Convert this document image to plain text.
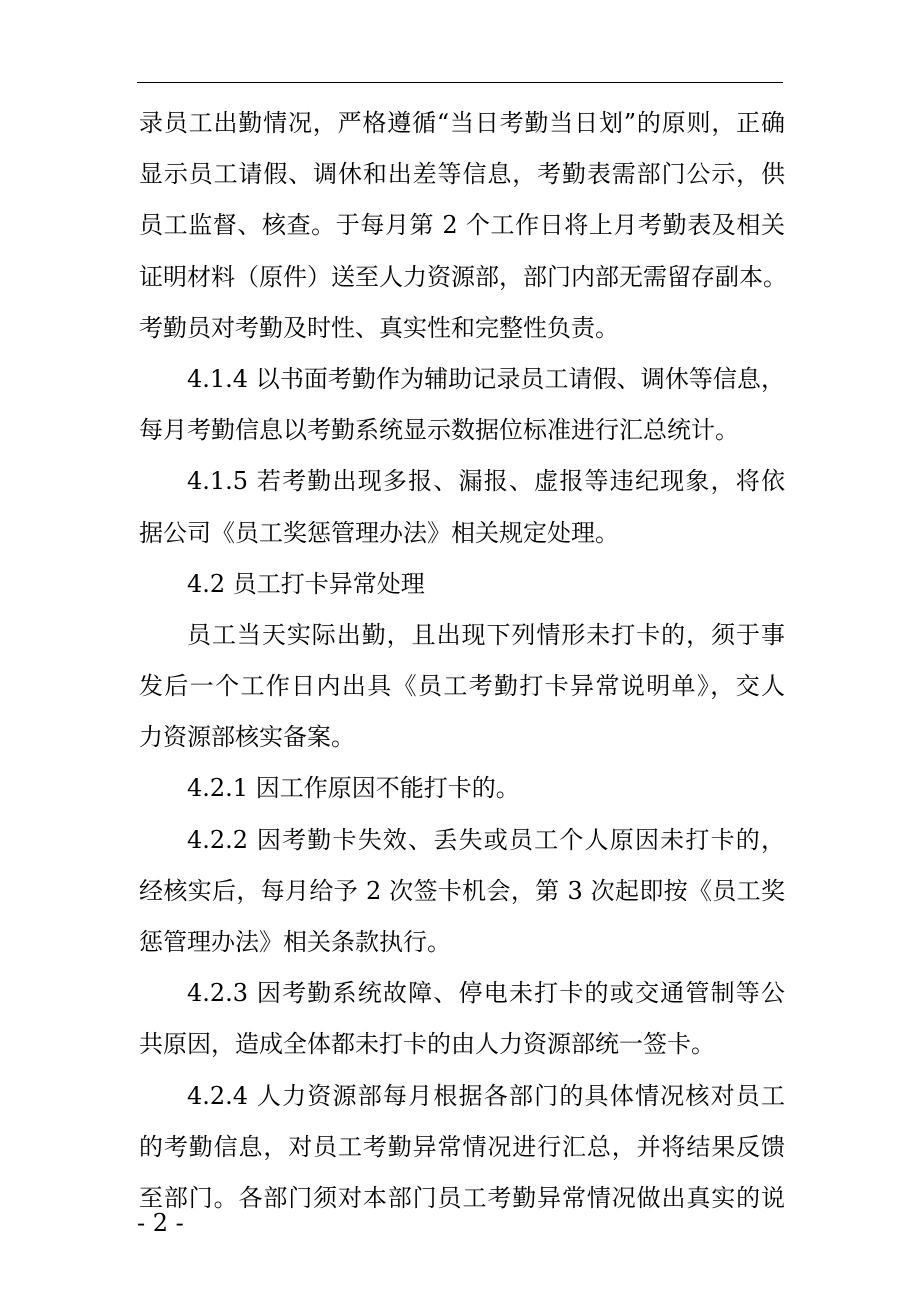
录员工出勤情况，严格遵循“当日考勤当日划”的原则，正确
显示员工请假、调休和出差等信息，考勤表需部门公示，供
员工监督、核查。于每月第 2 个工作日将上月考勤表及相关
证明材料（原件）送至人力资源部，部门内部无需留存副本。
考勤员对考勤及时性、真实性和完整性负责。
4.1.4 以书面考勤作为辅助记录员工请假、调休等信息，
每月考勤信息以考勤系统显示数据位标准进行汇总统计。
4.1.5 若考勤出现多报、漏报、虚报等违纪现象，将依
据公司《员工奖惩管理办法》相关规定处理。
4.2 员工打卡异常处理
员工当天实际出勤，且出现下列情形未打卡的，须于事
发后一个工作日内出具《员工考勤打卡异常说明单》，交人
力资源部核实备案。
4.2.1 因工作原因不能打卡的。
4.2.2 因考勤卡失效、丢失或员工个人原因未打卡的，
经核实后，每月给予 2 次签卡机会，第 3 次起即按《员工奖
惩管理办法》相关条款执行。
4.2.3 因考勤系统故障、停电未打卡的或交通管制等公
共原因，造成全体都未打卡的由人力资源部统一签卡。
4.2.4 人力资源部每月根据各部门的具体情况核对员工
的考勤信息，对员工考勤异常情况进行汇总，并将结果反馈
至部门。各部门须对本部门员工考勤异常情况做出真实的说
- 2 -
